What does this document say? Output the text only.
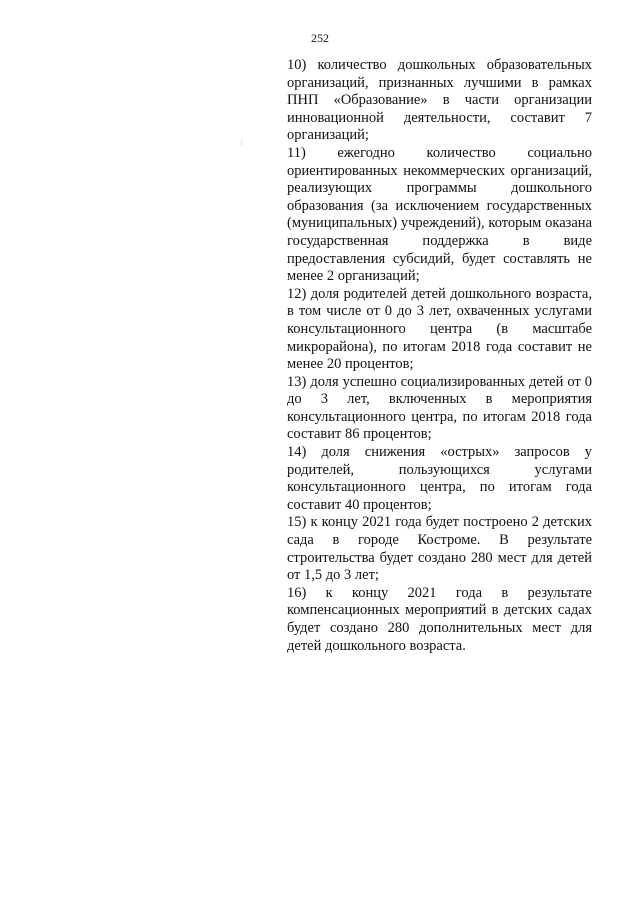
252

10) количество дошкольных образовательных организаций, признанных лучшими в рамках ПНП «Образование» в части организации инновационной деятельности, составит 7 организаций;

11) ежегодно количество социально ориентированных некоммерческих организаций, реализующих программы дошкольного образования (за исключением государственных (муниципальных) учреждений), которым оказана государственная поддержка в виде предоставления субсидий, будет составлять не менее 2 организаций;

12) доля родителей детей дошкольного возраста, в том числе от 0 до 3 лет, охваченных услугами консультационного центра (в масштабе микрорайона), по итогам 2018 года составит не менее 20 процентов;

13) доля успешно социализированных детей от 0 до 3 лет, включенных в мероприятия консультационного центра, по итогам 2018 года составит 86 процентов;

14) доля снижения «острых» запросов у родителей, пользующихся услугами консультационного центра, по итогам года составит 40 процентов;

15) к концу 2021 года будет построено 2 детских сада в городе Костроме. В результате строительства будет создано 280 мест для детей от 1,5 до 3 лет;

16) к концу 2021 года в результате компенсационных мероприятий в детских садах будет создано 280 дополнительных мест для детей дошкольного возраста.
